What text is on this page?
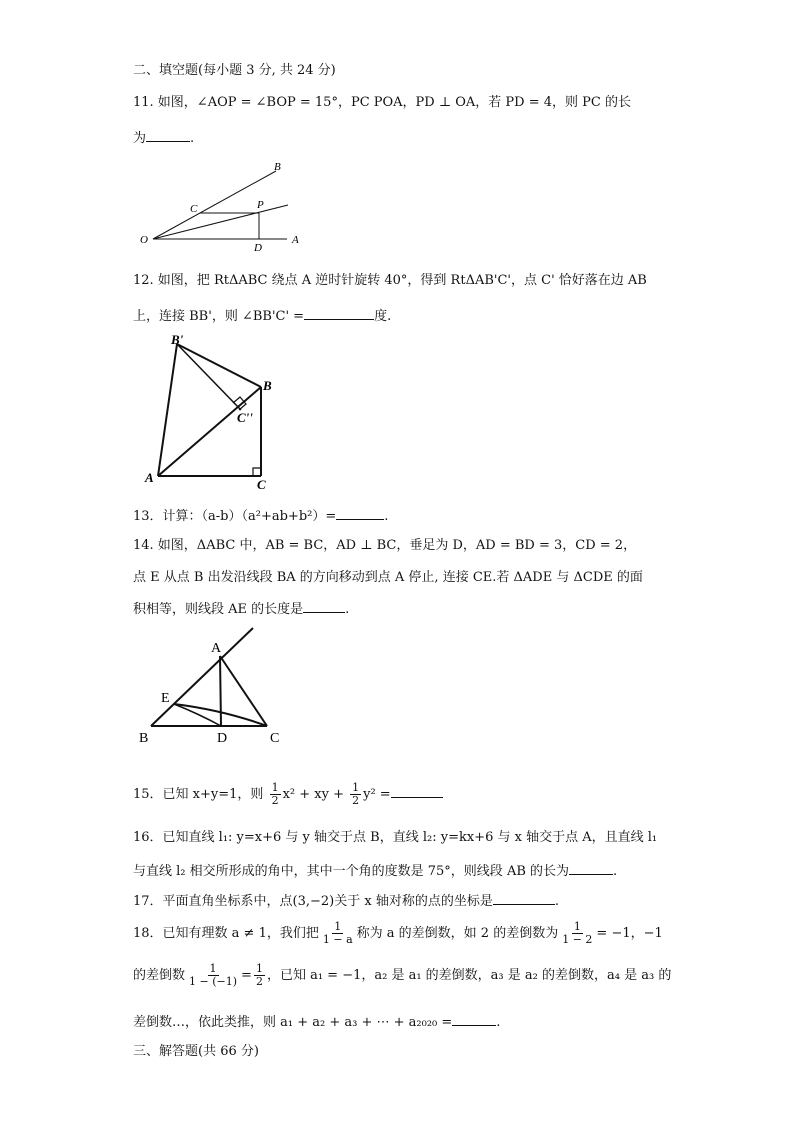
二、填空题(每小题 3 分, 共 24 分)
11. 如图，∠AOP = ∠BOP = 15°，PC POA，PD ⊥ OA，若 PD = 4，则 PC 的长
为	.
B
C	P
O
D
A
12. 如图，把 RtΔABC 绕点 A 逆时针旋转 40°，得到 RtΔAB'C'，点 C' 恰好落在边 AB
上，连接 BB'，则 ∠BB'C' =	度.
B'
B
C''
A	C
13．计算：（a-b）（a²+ab+b²）=	.
14. 如图，ΔABC 中，AB = BC，AD ⊥ BC，垂足为 D，AD = BD = 3，CD = 2，
点 E 从点 B 出发沿线段 BA 的方向移动到点 A 停止, 连接 CE.若 ΔADE 与 ΔCDE 的面
积相等，则线段 AE 的长度是	.
A
E
B	D	C
15．已知 x+y=1，则 $\frac{1}{2} x^2$ + xy + $\frac{1}{2} y^2$ =
16．已知直线 l₁: y=x+6 与 y 轴交于点 B，直线 l₂: y=kx+6 与 x 轴交于点 A，且直线 l₁
与直线 l₂ 相交所形成的角中，其中一个角的度数是 75°，则线段 AB 的长为	.
17．平面直角坐标系中，点(3,−2)关于 x 轴对称的点的坐标是	.
18．已知有理数 a ≠ 1，我们把 $\frac{1}{1 - a}$ 称为 a 的差倒数，如 2 的差倒数为 $\frac{1}{1 - 2} = -1$，−1
的差倒数 $\frac{1}{1 - (-1)} = \frac{1}{2}$ ，已知 a₁ = −1，a₂ 是 a₁ 的差倒数，a₃ 是 a₂ 的差倒数，a₄ 是 a₃ 的
差倒数…，依此类推，则 a₁ + a₂ + a₃ + ⋯ + a₂₀₂₀ =	.
三、解答题(共 66 分)
